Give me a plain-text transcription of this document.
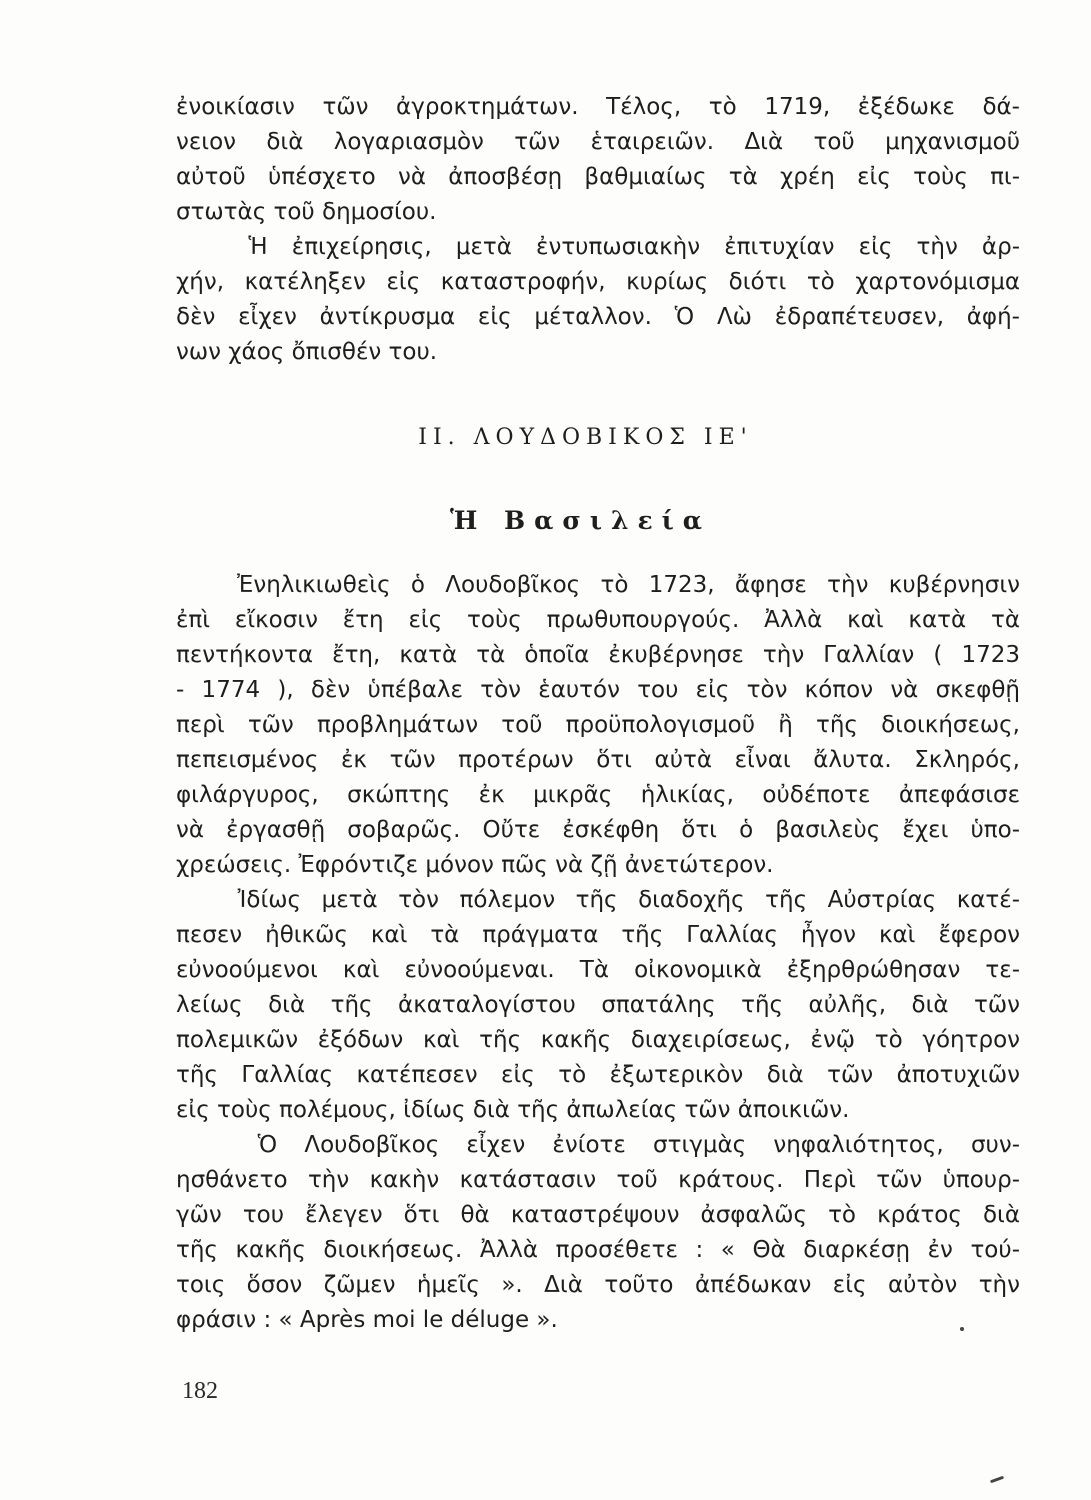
ἐνοικίασιν τῶν ἀγροκτημάτων. Τέλος, τὸ 1719, ἐξέδωκε δά-
νειον διὰ λογαριασμὸν τῶν ἑταιρειῶν. Διὰ τοῦ μηχανισμοῦ
αὐτοῦ ὑπέσχετο νὰ ἀποσβέσῃ βαθμιαίως τὰ χρέη εἰς τοὺς πι-
στωτὰς τοῦ δημοσίου.
Ἡ ἐπιχείρησις, μετὰ ἐντυπωσιακὴν ἐπιτυχίαν εἰς τὴν ἀρ-
χήν, κατέληξεν εἰς καταστροφήν, κυρίως διότι τὸ χαρτονόμισμα
δὲν εἶχεν ἀντίκρυσμα εἰς μέταλλον. Ὁ Λὼ ἐδραπέτευσεν, ἀφή-
νων χάος ὄπισθέν του.
II. ΛΟΥΔΟΒΙΚΟΣ ΙΕ'
Ἡ Βασιλεία
Ἐνηλικιωθεὶς ὁ Λουδοβῖκος τὸ 1723, ἄφησε τὴν κυβέρνησιν
ἐπὶ εἴκοσιν ἔτη εἰς τοὺς πρωθυπουργούς. Ἀλλὰ καὶ κατὰ τὰ
πεντήκοντα ἔτη, κατὰ τὰ ὁποῖα ἐκυβέρνησε τὴν Γαλλίαν ( 1723
- 1774 ), δὲν ὑπέβαλε τὸν ἑαυτόν του εἰς τὸν κόπον νὰ σκεφθῇ
περὶ τῶν προβλημάτων τοῦ προϋπολογισμοῦ ἢ τῆς διοικήσεως,
πεπεισμένος ἐκ τῶν προτέρων ὅτι αὐτὰ εἶναι ἄλυτα. Σκληρός,
φιλάργυρος, σκώπτης ἐκ μικρᾶς ἡλικίας, οὐδέποτε ἀπεφάσισε
νὰ ἐργασθῇ σοβαρῶς. Οὔτε ἐσκέφθη ὅτι ὁ βασιλεὺς ἔχει ὑπο-
χρεώσεις. Ἐφρόντιζε μόνον πῶς νὰ ζῇ ἀνετώτερον.
Ἰδίως μετὰ τὸν πόλεμον τῆς διαδοχῆς τῆς Αὐστρίας κατέ-
πεσεν ἠθικῶς καὶ τὰ πράγματα τῆς Γαλλίας ἦγον καὶ ἔφερον
εὐνοούμενοι καὶ εὐνοούμεναι. Τὰ οἰκονομικὰ ἐξηρθρώθησαν τε-
λείως διὰ τῆς ἀκαταλογίστου σπατάλης τῆς αὐλῆς, διὰ τῶν
πολεμικῶν ἐξόδων καὶ τῆς κακῆς διαχειρίσεως, ἐνῷ τὸ γόητρον
τῆς Γαλλίας κατέπεσεν εἰς τὸ ἐξωτερικὸν διὰ τῶν ἀποτυχιῶν
εἰς τοὺς πολέμους, ἰδίως διὰ τῆς ἀπωλείας τῶν ἀποικιῶν.
Ὁ Λουδοβῖκος εἶχεν ἐνίοτε στιγμὰς νηφαλιότητος, συν-
ησθάνετο τὴν κακὴν κατάστασιν τοῦ κράτους. Περὶ τῶν ὑπουρ-
γῶν του ἔλεγεν ὅτι θὰ καταστρέψουν ἀσφαλῶς τὸ κράτος διὰ
τῆς κακῆς διοικήσεως. Ἀλλὰ προσέθετε : « Θὰ διαρκέσῃ ἐν τού-
τοις ὅσον ζῶμεν ἡμεῖς ». Διὰ τοῦτο ἀπέδωκαν εἰς αὐτὸν τὴν
φράσιν : « Après moi le déluge ».
182
